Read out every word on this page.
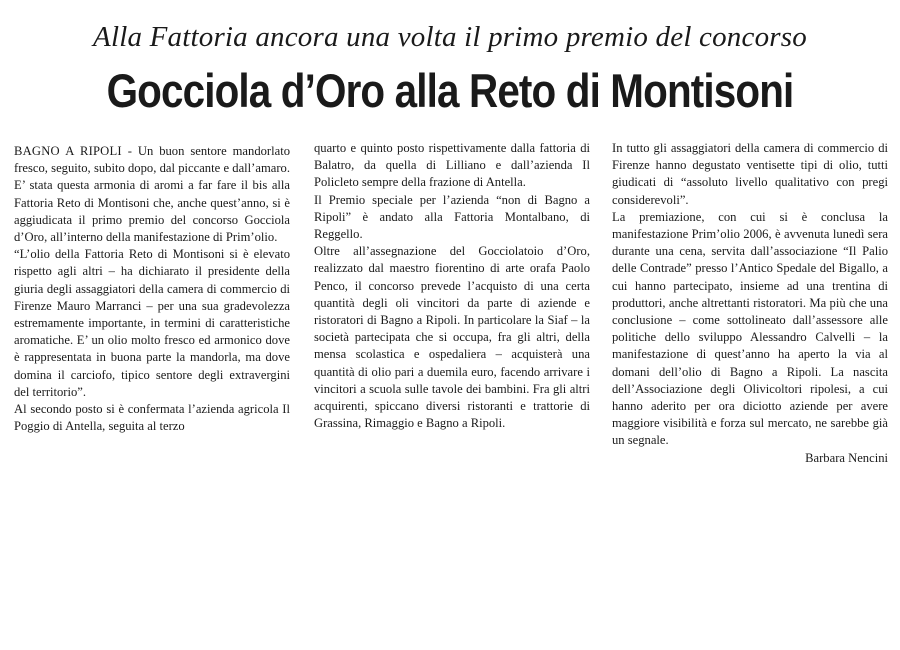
Alla Fattoria ancora una volta il primo premio del concorso
Gocciola d’Oro alla Reto di Montisoni

BAGNO A RIPOLI - Un buon sentore mandorlato fresco, seguito, subito dopo, dal piccante e dall’amaro. E’ stata questa armonia di aromi a far fare il bis alla Fattoria Reto di Montisoni che, anche quest’anno, si è aggiudicata il primo premio del concorso Gocciola d’Oro, all’interno della manifestazione di Prim’olio.

“L’olio della Fattoria Reto di Montisoni si è elevato rispetto agli altri – ha dichiarato il presidente della giuria degli assaggiatori della camera di commercio di Firenze Mauro Marranci – per una sua gradevolezza estremamente importante, in termini di caratteristiche aromatiche. E’ un olio molto fresco ed armonico dove è rappresentata in buona parte la mandorla, ma dove domina il carciofo, tipico sentore degli extravergini del territorio”.

Al secondo posto si è confermata l’azienda agricola Il Poggio di Antella, seguita al terzo

quarto e quinto posto rispettivamente dalla fattoria di Balatro, da quella di Lilliano e dall’azienda Il Policleto sempre della frazione di Antella.

Il Premio speciale per l’azienda “non di Bagno a Ripoli” è andato alla Fattoria Montalbano, di Reggello.

Oltre all’assegnazione del Gocciolatoio d’Oro, realizzato dal maestro fiorentino di arte orafa Paolo Penco, il concorso prevede l’acquisto di una certa quantità degli oli vincitori da parte di aziende e ristoratori di Bagno a Ripoli. In particolare la Siaf – la società partecipata che si occupa, fra gli altri, della mensa scolastica e ospedaliera – acquisterà una quantità di olio pari a duemila euro, facendo arrivare i vincitori a scuola sulle tavole dei bambini. Fra gli altri acquirenti, spiccano diversi ristoranti e trattorie di Grassina, Rimaggio e Bagno a Ripoli.

In tutto gli assaggiatori della camera di commercio di Firenze hanno degustato ventisette tipi di olio, tutti giudicati di “assoluto livello qualitativo con pregi considerevoli”.

La premiazione, con cui si è conclusa la manifestazione Prim’olio 2006, è avvenuta lunedì sera durante una cena, servita dall’associazione “Il Palio delle Contrade” presso l’Antico Spedale del Bigallo, a cui hanno partecipato, insieme ad una trentina di produttori, anche altrettanti ristoratori. Ma più che una conclusione – come sottolineato dall’assessore alle politiche dello sviluppo Alessandro Calvelli – la manifestazione di quest’anno ha aperto la via al domani dell’olio di Bagno a Ripoli. La nascita dell’Associazione degli Olivicoltori ripolesi, a cui hanno aderito per ora diciotto aziende per avere maggiore visibilità e forza sul mercato, ne sarebbe già un segnale.

Barbara Nencini
